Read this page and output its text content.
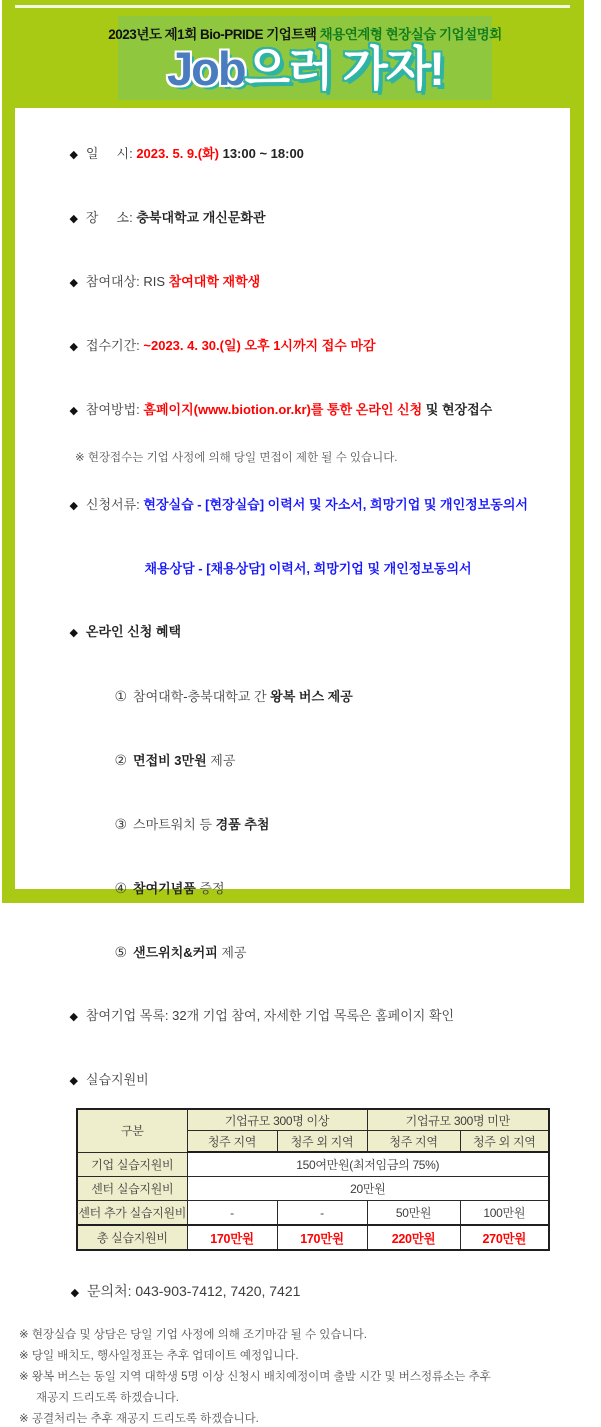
2023년도 제1회 Bio-PRIDE 기업트랙 채용연계형 현장실습 기업설명회
Job으러 가자!

◆ 일     시: 2023. 5. 9.(화) 13:00 ~ 18:00

◆ 장     소: 충북대학교 개신문화관

◆ 참여대상: RIS 참여대학 재학생

◆ 접수기간: ~2023. 4. 30.(일) 오후 1시까지 접수 마감

◆ 참여방법: 홈페이지(www.biotion.or.kr)를 통한 온라인 신청 및 현장접수

※ 현장접수는 기업 사정에 의해 당일 면접이 제한 될 수 있습니다.

◆ 신청서류: 현장실습 - [현장실습] 이력서 및 자소서, 희망기업 및 개인정보동의서

채용상담 - [채용상담] 이력서, 희망기업 및 개인정보동의서

◆ 온라인 신청 혜택

① 참여대학-충북대학교 간 왕복 버스 제공

② 면접비 3만원 제공

③ 스마트워치 등 경품 추첨

④ 참여기념품 증정

⑤ 샌드위치&커피 제공

◆ 참여기업 목록: 32개 기업 참여, 자세한 기업 목록은 홈페이지 확인

◆ 실습지원비

구분	기업규모 300명 이상		기업규모 300명 미만	
	청주 지역	청주 외 지역	청주 지역	청주 외 지역
기업 실습지원비	150여만원(최저임금의 75%)			
센터 실습지원비	20만원			
센터 추가 실습지원비	-	-	50만원	100만원
총 실습지원비	170만원	170만원	220만원	270만원

◆ 문의처: 043-903-7412, 7420, 7421

※ 현장실습 및 상담은 당일 기업 사정에 의해 조기마감 될 수 있습니다.
※ 당일 배치도, 행사일정표는 추후 업데이트 예정입니다.
※ 왕복 버스는 동일 지역 대학생 5명 이상 신청시 배치예정이며 출발 시간 및 버스정류소는 추후
재공지 드리도록 하겠습니다.
※ 공결처리는 추후 재공지 드리도록 하겠습니다.
